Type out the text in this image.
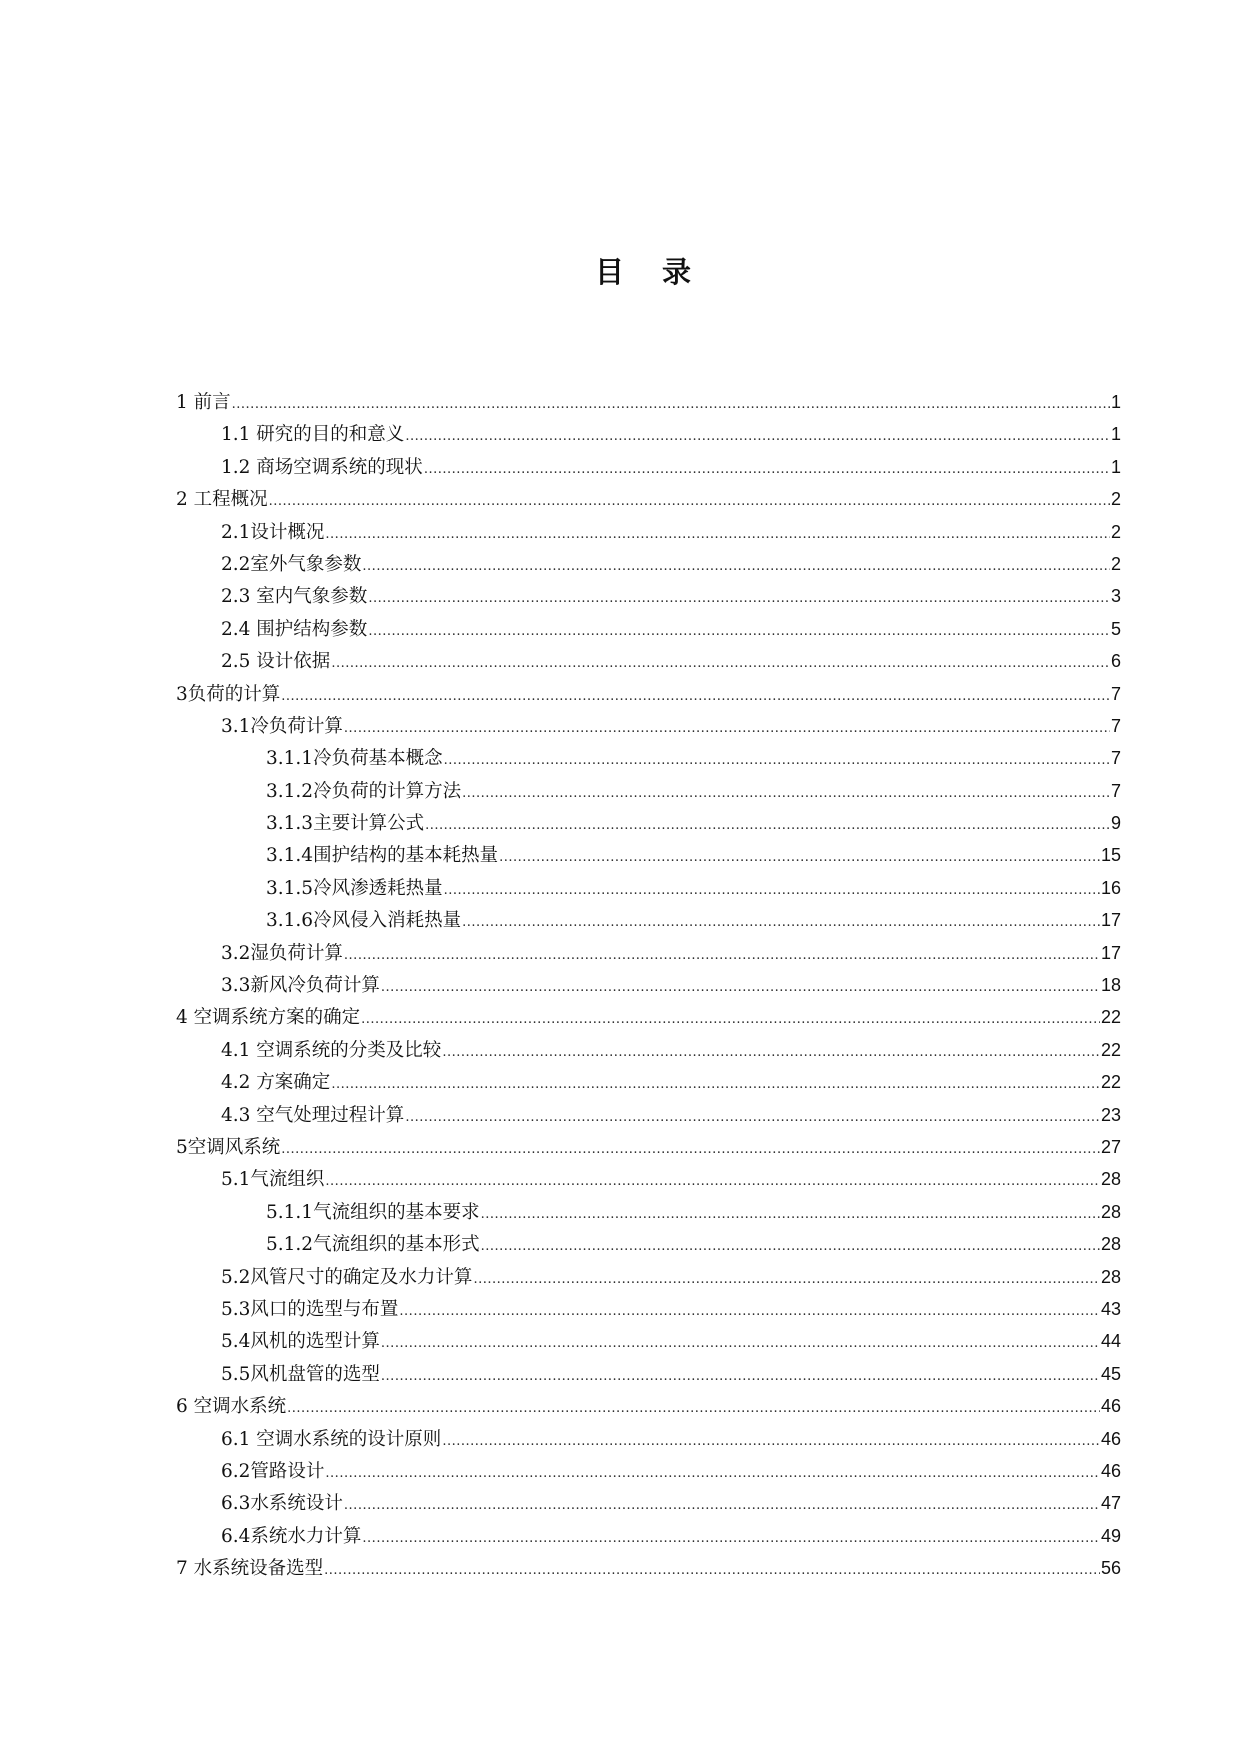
目 录
1 前言 .....	1
1.1 研究的目的和意义 .....	1
1.2 商场空调系统的现状 .....	1
2 工程概况 .....	2
2.1设计概况 .....	2
2.2室外气象参数 .....	2
2.3 室内气象参数 .....	3
2.4 围护结构参数 .....	5
2.5 设计依据 .....	6
3负荷的计算 .....	7
3.1冷负荷计算 .....	7
3.1.1冷负荷基本概念 .....	7
3.1.2冷负荷的计算方法 .....	7
3.1.3主要计算公式 .....	9
3.1.4围护结构的基本耗热量 .....	15
3.1.5冷风渗透耗热量 .....	16
3.1.6冷风侵入消耗热量 .....	17
3.2湿负荷计算 .....	17
3.3新风冷负荷计算 .....	18
4 空调系统方案的确定 .....	22
4.1 空调系统的分类及比较 .....	22
4.2 方案确定 .....	22
4.3 空气处理过程计算 .....	23
5空调风系统 .....	27
5.1气流组织 .....	28
5.1.1气流组织的基本要求 .....	28
5.1.2气流组织的基本形式 .....	28
5.2风管尺寸的确定及水力计算 .....	28
5.3风口的选型与布置 .....	43
5.4风机的选型计算 .....	44
5.5风机盘管的选型 .....	45
6 空调水系统 .....	46
6.1 空调水系统的设计原则 .....	46
6.2管路设计 .....	46
6.3水系统设计 .....	47
6.4系统水力计算 .....	49
7 水系统设备选型 .....	56
